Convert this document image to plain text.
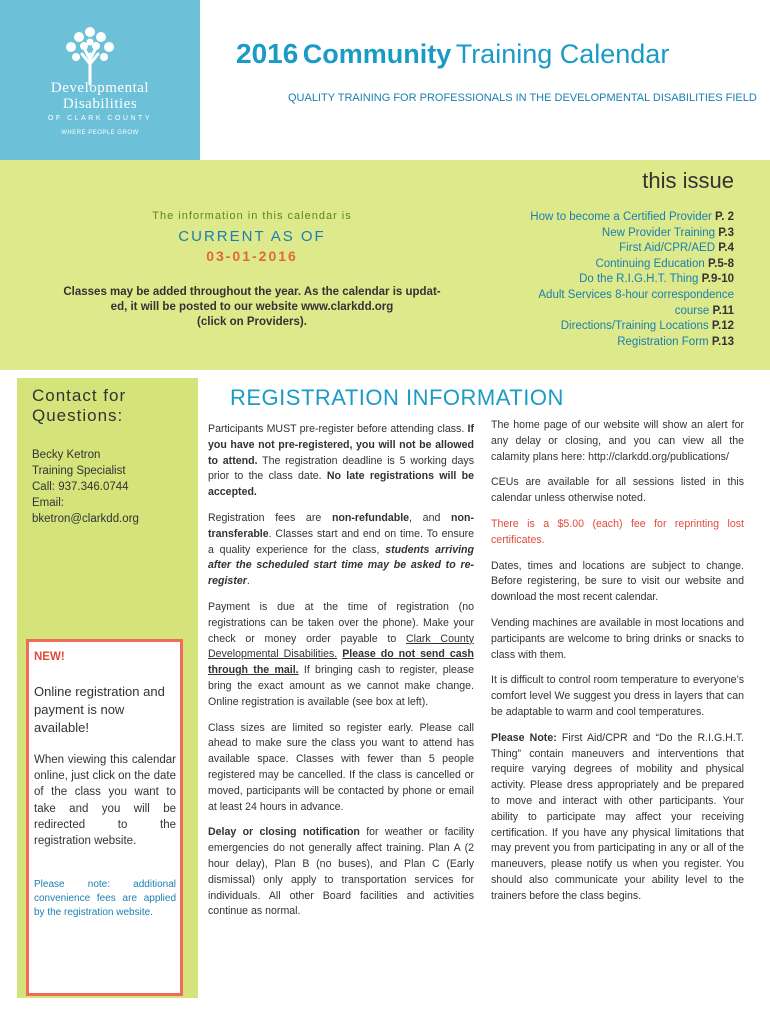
Developmental
Disabilities
OF CLARK COUNTY
WHERE PEOPLE GROW
2016 Community Training Calendar
QUALITY TRAINING FOR PROFESSIONALS IN THE DEVELOPMENTAL DISABILITIES FIELD
this issue
The information in this calendar is
CURRENT AS OF
03-01-2016
Classes may be added throughout the year. As the calendar is updat-
ed, it will be posted to our website www.clarkdd.org
(click on Providers).
How to become a Certified Provider P. 2
New Provider Training P.3
First Aid/CPR/AED P.4
Continuing Education P.5-8
Do the R.I.G.H.T. Thing P.9-10
Adult Services 8-hour correspondence
course P.11
Directions/Training Locations P.12
Registration Form P.13
Contact for
Questions:
Becky Ketron
Training Specialist
Call: 937.346.0744
Email:
bketron@clarkdd.org
NEW!
Online registration and payment is now available!
When viewing this calendar online, just click on the date of the class you want to take and you will be redirected to the registration website.
Please note: additional convenience fees are applied by the registration website.
REGISTRATION INFORMATION

Participants MUST pre-register before attending class. If you have not pre-registered, you will not be allowed to attend. The registration deadline is 5 working days prior to the class date. No late registrations will be accepted.

Registration fees are non-refundable, and non-transferable. Classes start and end on time. To ensure a quality experience for the class, students arriving after the scheduled start time may be asked to re-register.

Payment is due at the time of registration (no registrations can be taken over the phone). Make your check or money order payable to Clark County Developmental Disabilities. Please do not send cash through the mail. If bringing cash to register, please bring the exact amount as we cannot make change. Online registration is available (see box at left).

Class sizes are limited so register early. Please call ahead to make sure the class you want to attend has available space. Classes with fewer than 5 people registered may be cancelled. If the class is cancelled or moved, participants will be contacted by phone or email at least 24 hours in advance.

Delay or closing notification for weather or facility emergencies do not generally affect training. Plan A (2 hour delay), Plan B (no buses), and Plan C (Early dismissal) only apply to transportation services for individuals. All other Board facilities and activities continue as normal.

The home page of our website will show an alert for any delay or closing, and you can view all the calamity plans here: http://clarkdd.org/publications/

CEUs are available for all sessions listed in this calendar unless otherwise noted.

There is a $5.00 (each) fee for reprinting lost certificates.

Dates, times and locations are subject to change. Before registering, be sure to visit our website and download the most recent calendar.

Vending machines are available in most locations and participants are welcome to bring drinks or snacks to class with them.

It is difficult to control room temperature to everyone’s comfort level We suggest you dress in layers that can be adaptable to warm and cool temperatures.

Please Note: First Aid/CPR and “Do the R.I.G.H.T. Thing” contain maneuvers and interventions that require varying degrees of mobility and physical activity. Please dress appropriately and be prepared to move and interact with other participants. Your ability to participate may affect your receiving certification. If you have any physical limitations that may prevent you from participating in any or all of the maneuvers, please notify us when you register. You should also communicate your ability level to the trainers before the class begins.
